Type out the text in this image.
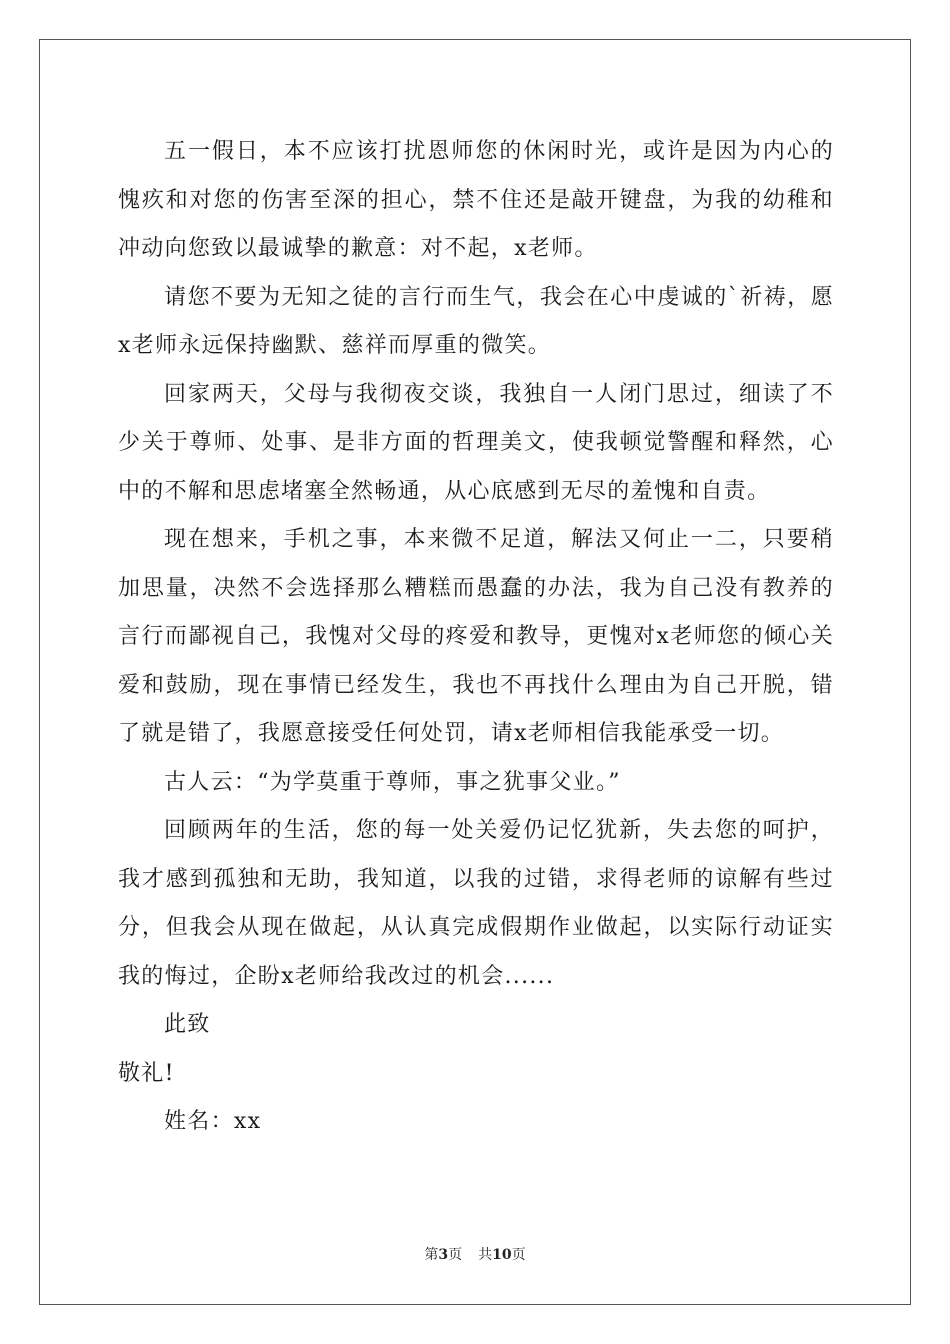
五一假日，本不应该打扰恩师您的休闲时光，或许是因为内心的愧疚和对您的伤害至深的担心，禁不住还是敲开键盘，为我的幼稚和冲动向您致以最诚挚的歉意：对不起，x老师。

请您不要为无知之徒的言行而生气，我会在心中虔诚的`祈祷，愿x老师永远保持幽默、慈祥而厚重的微笑。

回家两天，父母与我彻夜交谈，我独自一人闭门思过，细读了不少关于尊师、处事、是非方面的哲理美文，使我顿觉警醒和释然，心中的不解和思虑堵塞全然畅通，从心底感到无尽的羞愧和自责。

现在想来，手机之事，本来微不足道，解法又何止一二，只要稍加思量，决然不会选择那么糟糕而愚蠢的办法，我为自己没有教养的言行而鄙视自己，我愧对父母的疼爱和教导，更愧对x老师您的倾心关爱和鼓励，现在事情已经发生，我也不再找什么理由为自己开脱，错了就是错了，我愿意接受任何处罚，请x老师相信我能承受一切。

古人云：“为学莫重于尊师，事之犹事父业。”

回顾两年的生活，您的每一处关爱仍记忆犹新，失去您的呵护，我才感到孤独和无助，我知道，以我的过错，求得老师的谅解有些过分，但我会从现在做起，从认真完成假期作业做起，以实际行动证实我的悔过，企盼x老师给我改过的机会......

此致

敬礼!

姓名：xx

第3页 共10页
